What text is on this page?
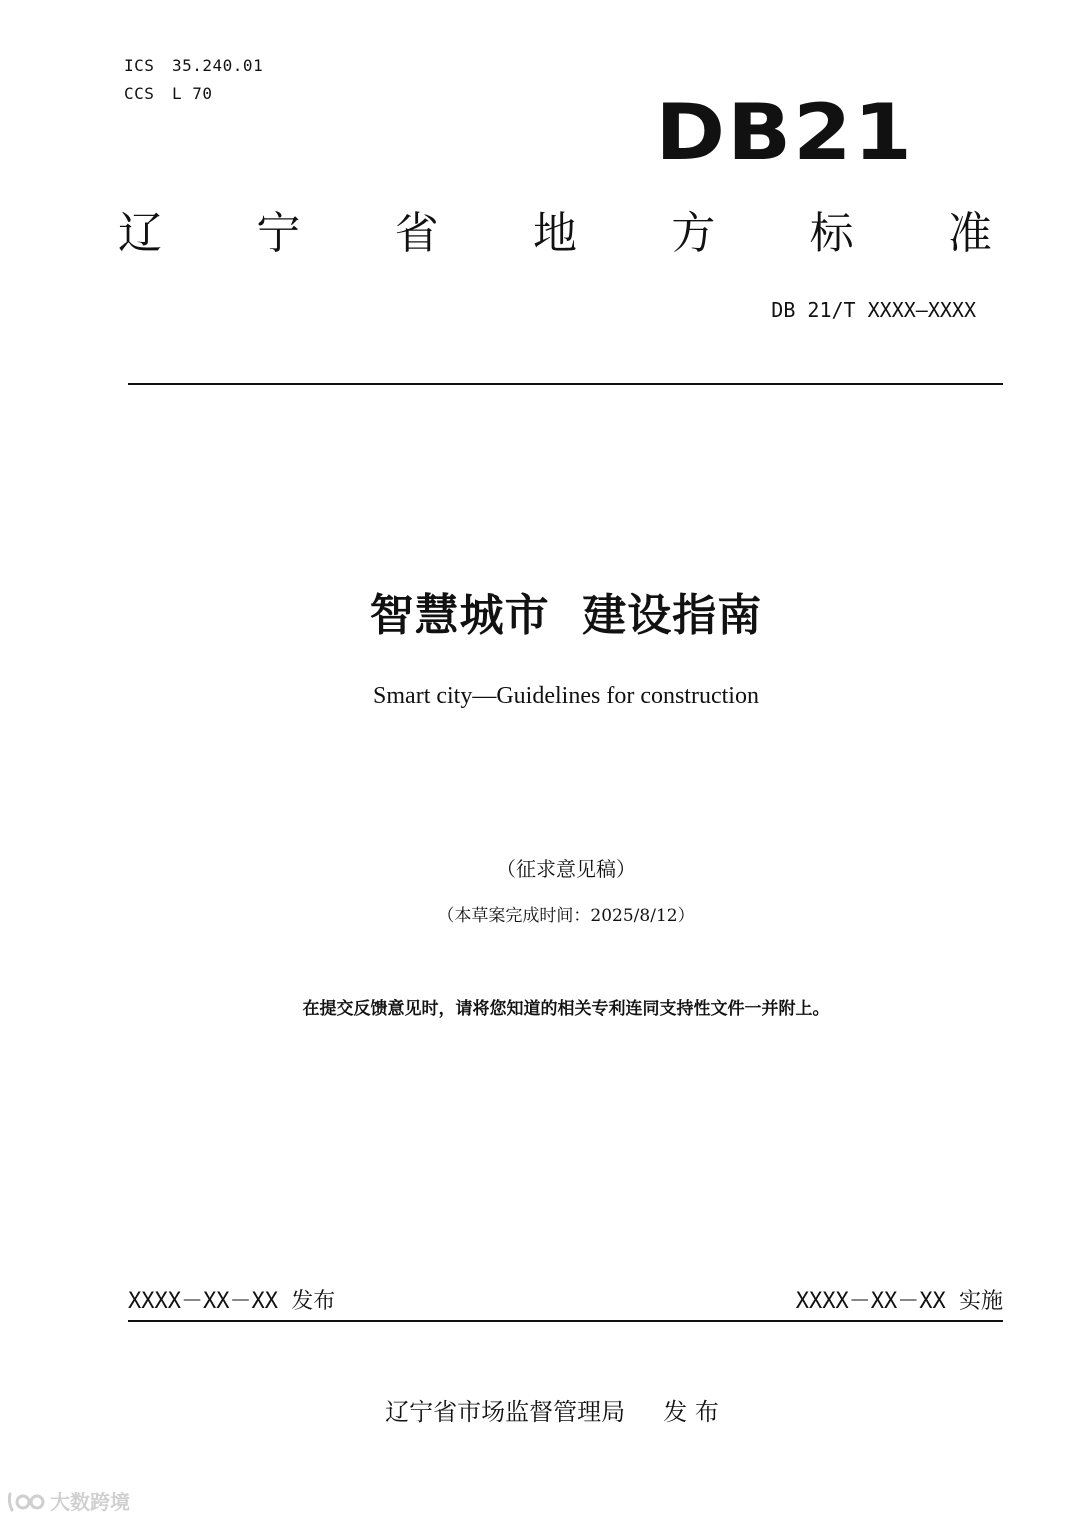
ICS 35.240.01
CCS L 70	DB21
辽 宁 省 地 方 标 准
DB 21/T XXXX—XXXX
智慧城市  建设指南
Smart city—Guidelines for construction
（征求意见稿）
（本草案完成时间：2025/8/12）
在提交反馈意见时，请将您知道的相关专利连同支持性文件一并附上。
XXXX－XX－XX 发布	XXXX－XX－XX 实施
辽宁省市场监督管理局     发 布
大数跨境
